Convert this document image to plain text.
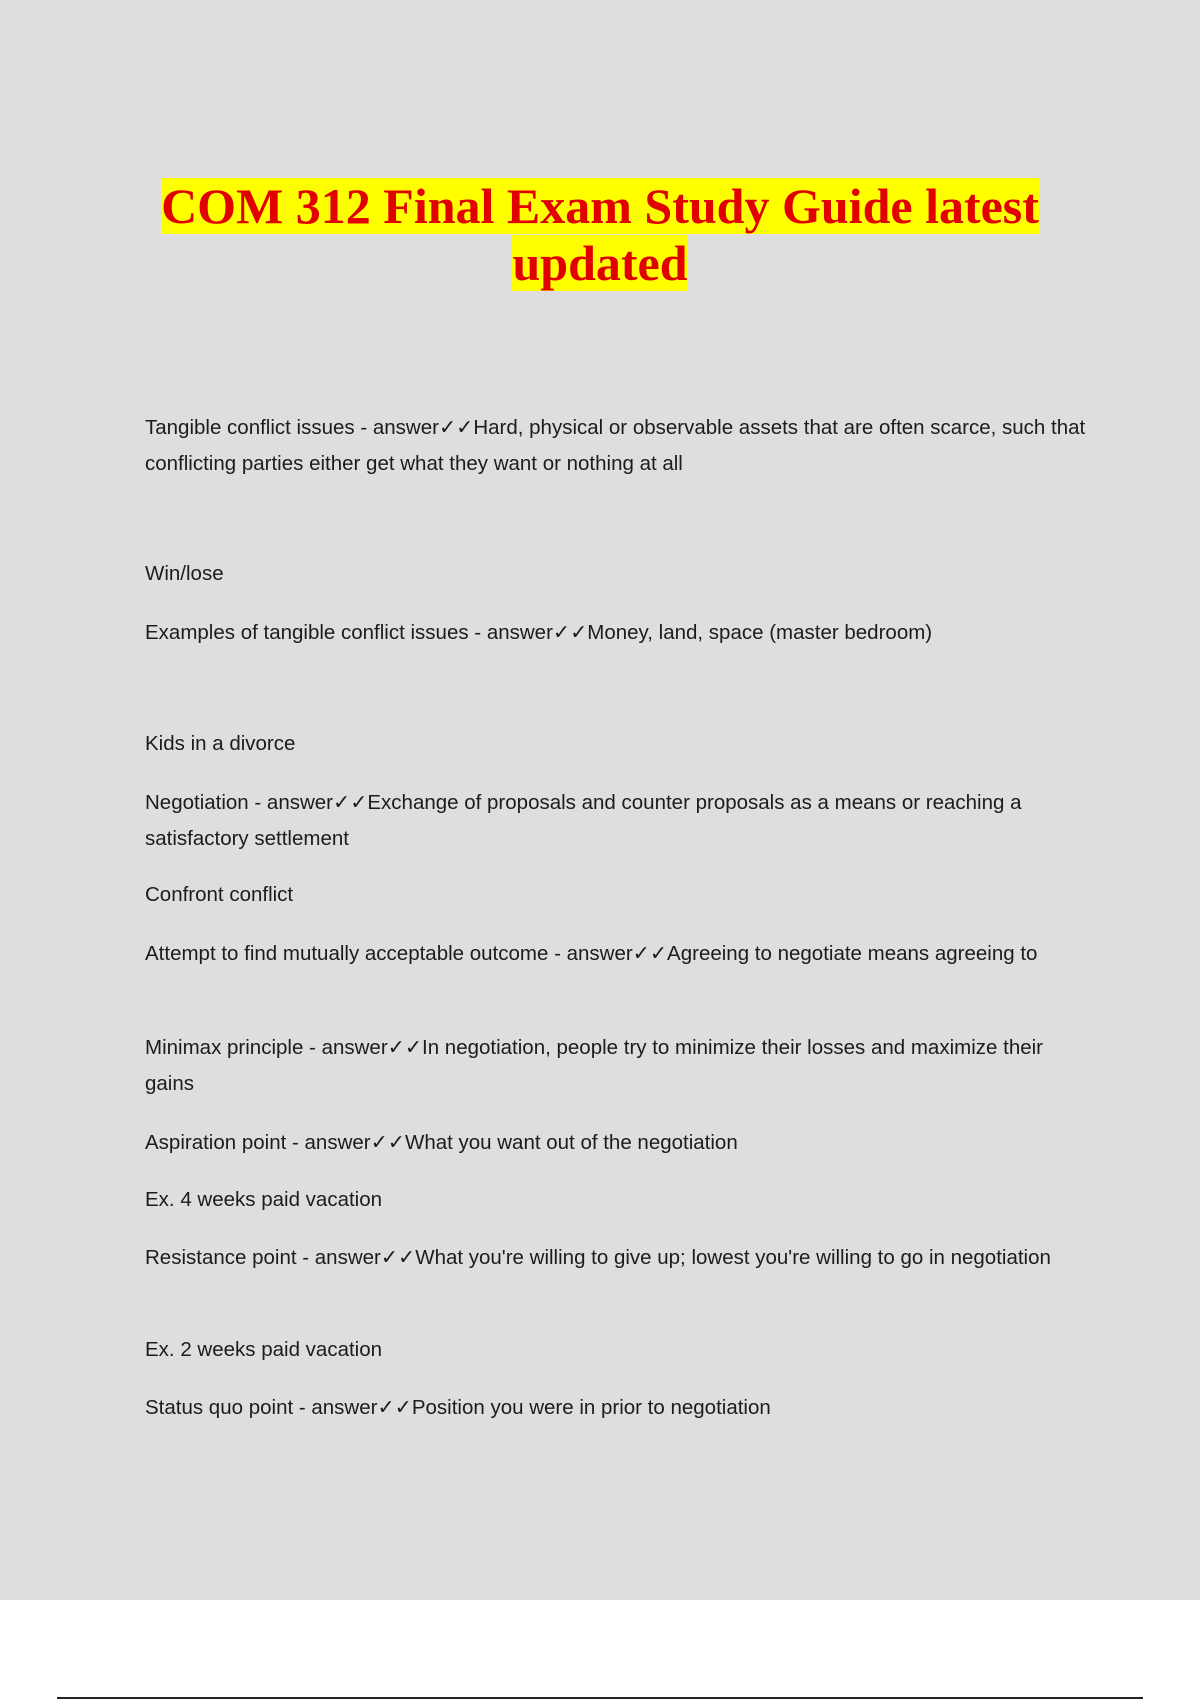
COM 312 Final Exam Study Guide latest
updated

Tangible conflict issues - answer✓✓Hard, physical or observable assets that are often scarce, such that conflicting parties either get what they want or nothing at all

Win/lose

Examples of tangible conflict issues - answer✓✓Money, land, space (master bedroom)

Kids in a divorce

Negotiation - answer✓✓Exchange of proposals and counter proposals as a means or reaching a satisfactory settlement

Confront conflict

Attempt to find mutually acceptable outcome - answer✓✓Agreeing to negotiate means agreeing to

Minimax principle - answer✓✓In negotiation, people try to minimize their losses and maximize their gains

Aspiration point - answer✓✓What you want out of the negotiation

Ex. 4 weeks paid vacation

Resistance point - answer✓✓What you're willing to give up; lowest you're willing to go in negotiation

Ex. 2 weeks paid vacation

Status quo point - answer✓✓Position you were in prior to negotiation
